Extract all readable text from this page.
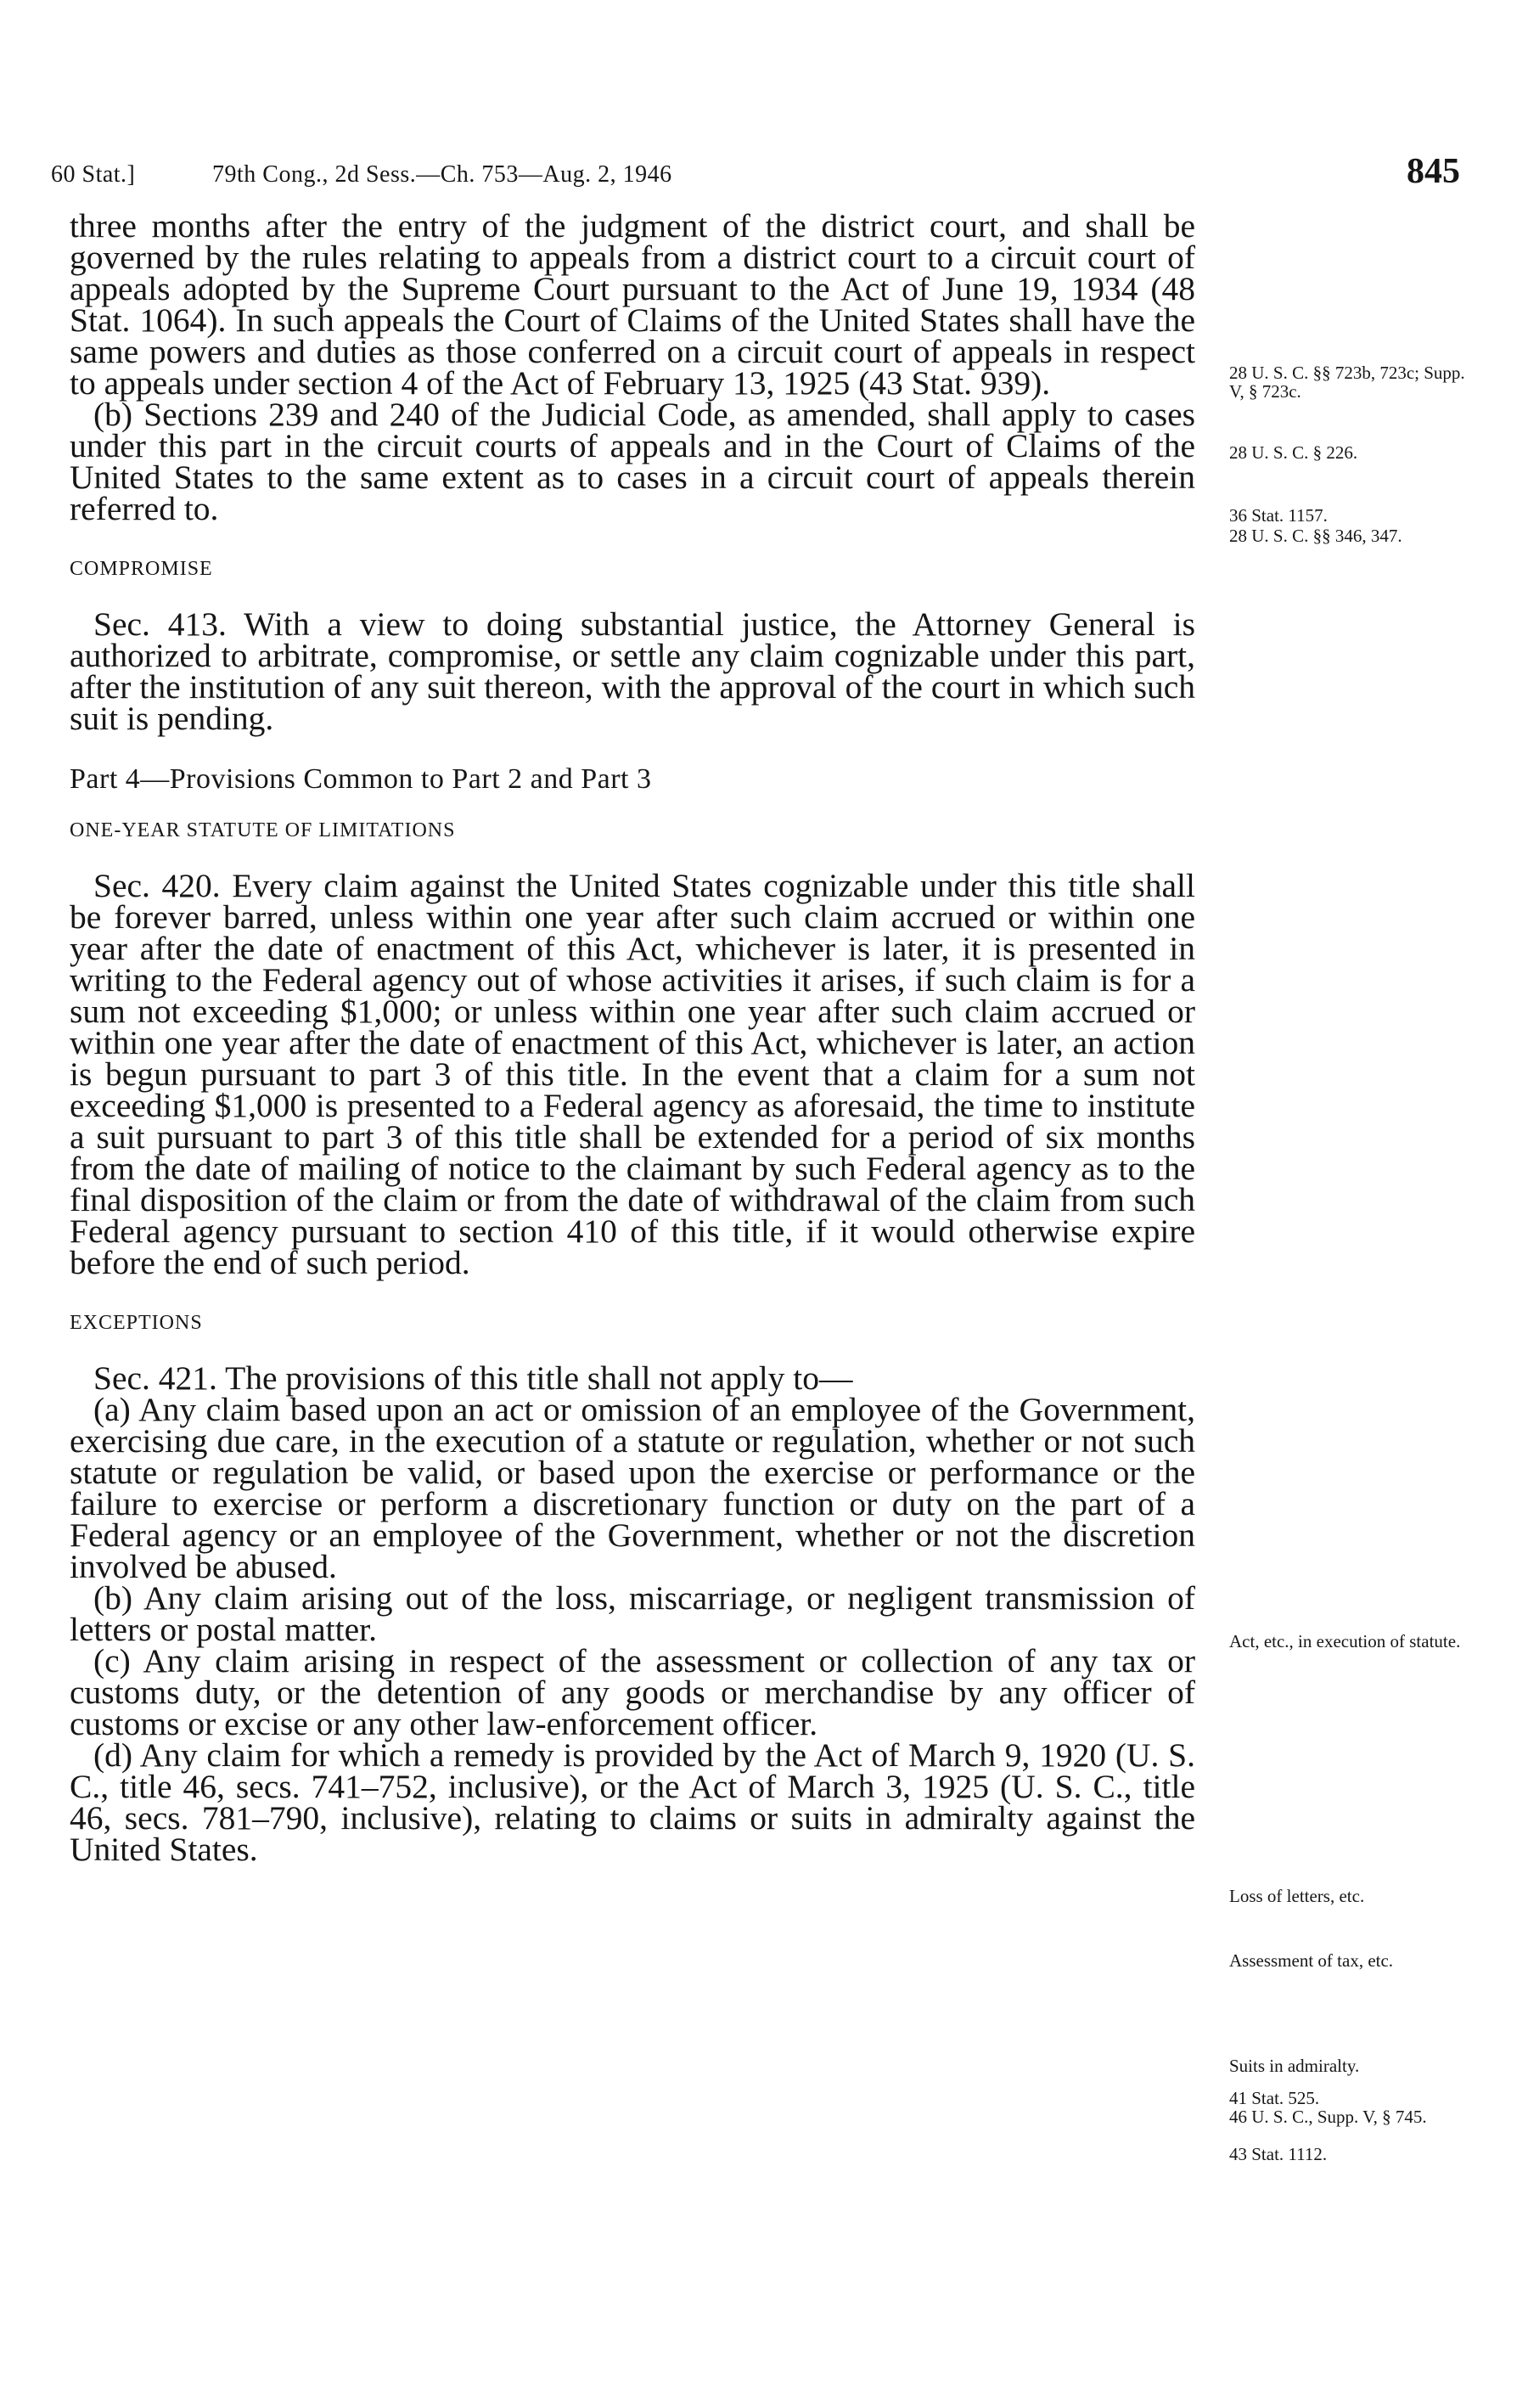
60 Stat.]	79th Cong., 2d Sess.—Ch. 753—Aug. 2, 1946	845

three months after the entry of the judgment of the district court, and shall be governed by the rules relating to appeals from a district court to a circuit court of appeals adopted by the Supreme Court pursuant to the Act of June 19, 1934 (48 Stat. 1064). In such appeals the Court of Claims of the United States shall have the same powers and duties as those conferred on a circuit court of appeals in respect to appeals under section 4 of the Act of February 13, 1925 (43 Stat. 939).

(b) Sections 239 and 240 of the Judicial Code, as amended, shall apply to cases under this part in the circuit courts of appeals and in the Court of Claims of the United States to the same extent as to cases in a circuit court of appeals therein referred to.

COMPROMISE

Sec. 413. With a view to doing substantial justice, the Attorney General is authorized to arbitrate, compromise, or settle any claim cognizable under this part, after the institution of any suit thereon, with the approval of the court in which such suit is pending.

Part 4—Provisions Common to Part 2 and Part 3
ONE-YEAR STATUTE OF LIMITATIONS

Sec. 420. Every claim against the United States cognizable under this title shall be forever barred, unless within one year after such claim accrued or within one year after the date of enactment of this Act, whichever is later, it is presented in writing to the Federal agency out of whose activities it arises, if such claim is for a sum not exceeding $1,000; or unless within one year after such claim accrued or within one year after the date of enactment of this Act, whichever is later, an action is begun pursuant to part 3 of this title. In the event that a claim for a sum not exceeding $1,000 is presented to a Federal agency as aforesaid, the time to institute a suit pursuant to part 3 of this title shall be extended for a period of six months from the date of mailing of notice to the claimant by such Federal agency as to the final disposition of the claim or from the date of withdrawal of the claim from such Federal agency pursuant to section 410 of this title, if it would otherwise expire before the end of such period.

EXCEPTIONS

Sec. 421. The provisions of this title shall not apply to—

(a) Any claim based upon an act or omission of an employee of the Government, exercising due care, in the execution of a statute or regulation, whether or not such statute or regulation be valid, or based upon the exercise or performance or the failure to exercise or perform a discretionary function or duty on the part of a Federal agency or an employee of the Government, whether or not the discretion involved be abused.

(b) Any claim arising out of the loss, miscarriage, or negligent transmission of letters or postal matter.

(c) Any claim arising in respect of the assessment or collection of any tax or customs duty, or the detention of any goods or merchandise by any officer of customs or excise or any other law-enforcement officer.

(d) Any claim for which a remedy is provided by the Act of March 9, 1920 (U. S. C., title 46, secs. 741–752, inclusive), or the Act of March 3, 1925 (U. S. C., title 46, secs. 781–790, inclusive), relating to claims or suits in admiralty against the United States.

28 U. S. C. §§ 723b, 723c; Supp. V, § 723c.
28 U. S. C. § 226.
36 Stat. 1157.
28 U. S. C. §§ 346, 347.
Act, etc., in execution of statute.
Loss of letters, etc.
Assessment of tax, etc.
Suits in admiralty.
41 Stat. 525.
46 U. S. C., Supp. V, § 745.
43 Stat. 1112.
